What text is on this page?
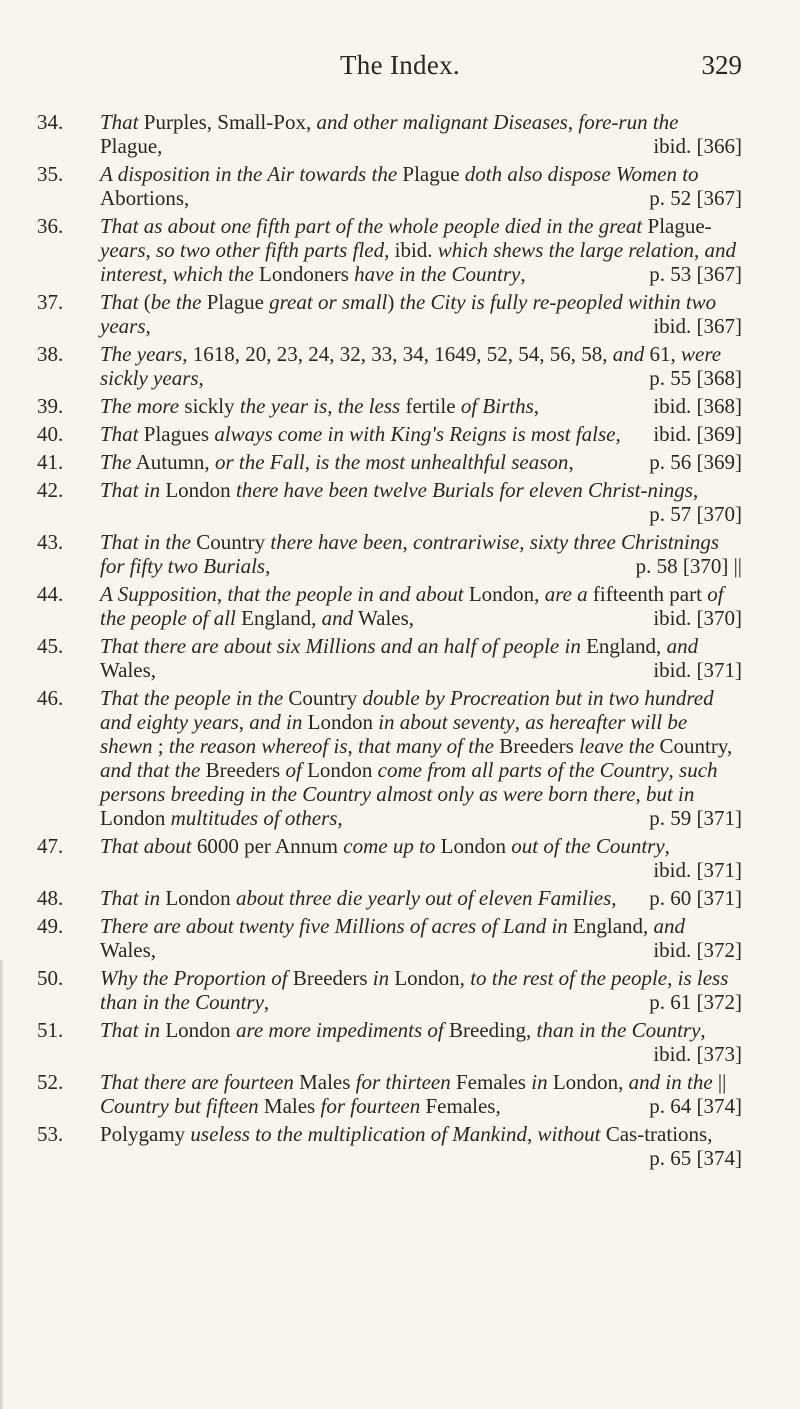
The Index.	329
34. That Purples, Small-Pox, and other malignant Diseases, fore-run the Plague,	ibid. [366]
35. A disposition in the Air towards the Plague doth also dispose Women to Abortions,	p. 52 [367]
36. That as about one fifth part of the whole people died in the great Plague-years, so two other fifth parts fled, ibid. which shews the large relation, and interest, which the Londoners have in the Country,	p. 53 [367]
37. That (be the Plague great or small) the City is fully re-peopled within two years,	ibid. [367]
38. The years, 1618, 20, 23, 24, 32, 33, 34, 1649, 52, 54, 56, 58, and 61, were sickly years,	p. 55 [368]
39. The more sickly the year is, the less fertile of Births,	ibid. [368]
40. That Plagues always come in with King's Reigns is most false,	ibid. [369]
41. The Autumn, or the Fall, is the most unhealthful season,	p. 56 [369]
42. That in London there have been twelve Burials for eleven Christ-nings,
p. 57 [370]
43. That in the Country there have been, contrariwise, sixty three Christnings for fifty two Burials,	p. 58 [370] ||
44. A Supposition, that the people in and about London, are a fifteenth part of the people of all England, and Wales,	ibid. [370]
45. That there are about six Millions and an half of people in England, and Wales,	ibid. [371]
46. That the people in the Country double by Procreation but in two hundred and eighty years, and in London in about seventy, as hereafter will be shewn ; the reason whereof is, that many of the Breeders leave the Country, and that the Breeders of London come from all parts of the Country, such persons breeding in the Country almost only as were born there, but in London multitudes of others,	p. 59 [371]
47. That about 6000 per Annum come up to London out of the Country,
ibid. [371]
48. That in London about three die yearly out of eleven Families,	p. 60 [371]
49. There are about twenty five Millions of acres of Land in England, and Wales,	ibid. [372]
50. Why the Proportion of Breeders in London, to the rest of the people, is less than in the Country,	p. 61 [372]
51. That in London are more impediments of Breeding, than in the Country,
ibid. [373]
52. That there are fourteen Males for thirteen Females in London, and in the || Country but fifteen Males for fourteen Females,	p. 64 [374]
53. Polygamy useless to the multiplication of Mankind, without Cas-trations,
p. 65 [374]
